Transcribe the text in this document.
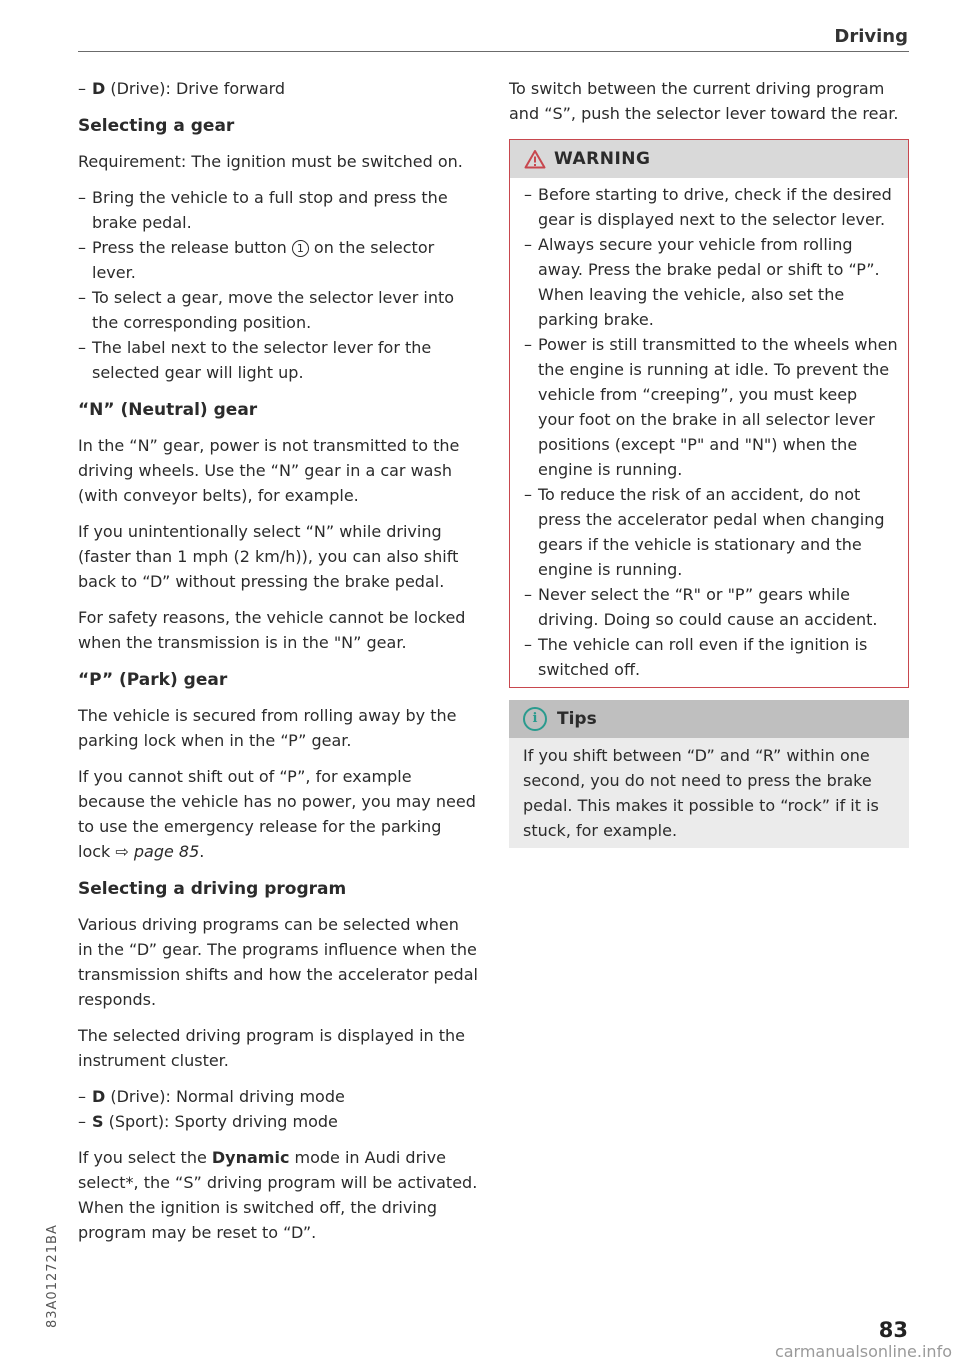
Driving
– D (Drive): Drive forward
Selecting a gear

Requirement: The ignition must be switched on.

– Bring the vehicle to a full stop and press the brake pedal.
– Press the release button 1 on the selector lever.
– To select a gear, move the selector lever into the corresponding position.
– The label next to the selector lever for the selected gear will light up.
“N” (Neutral) gear

In the “N” gear, power is not transmitted to the driving wheels. Use the “N” gear in a car wash (with conveyor belts), for example.

If you unintentionally select “N” while driving (faster than 1 mph (2 km/h)), you can also shift back to “D” without pressing the brake pedal.

For safety reasons, the vehicle cannot be locked when the transmission is in the "N” gear.

“P” (Park) gear

The vehicle is secured from rolling away by the parking lock when in the “P” gear.

If you cannot shift out of “P”, for example because the vehicle has no power, you may need to use the emergency release for the parking lock ⇨ page 85.

Selecting a driving program

Various driving programs can be selected when in the “D” gear. The programs influence when the transmission shifts and how the accelerator pedal responds.

The selected driving program is displayed in the instrument cluster.

– D (Drive): Normal driving mode
– S (Sport): Sporty driving mode

If you select the Dynamic mode in Audi drive select*, the “S” driving program will be activated. When the ignition is switched off, the driving program may be reset to “D”.

To switch between the current driving program and “S”, push the selector lever toward the rear.

WARNING
– Before starting to drive, check if the desired gear is displayed next to the selector lever.
– Always secure your vehicle from rolling away. Press the brake pedal or shift to “P”. When leaving the vehicle, also set the parking brake.
– Power is still transmitted to the wheels when the engine is running at idle. To prevent the vehicle from “creeping”, you must keep your foot on the brake in all selector lever positions (except "P" and "N") when the engine is running.
– To reduce the risk of an accident, do not press the accelerator pedal when changing gears if the vehicle is stationary and the engine is running.
– Never select the “R" or "P” gears while driving. Doing so could cause an accident.
– The vehicle can roll even if the ignition is switched off.
i	Tips

If you shift between “D” and “R” within one second, you do not need to press the brake pedal. This makes it possible to “rock” if it is stuck, for example.

83A012721BA
83
carmanualsonline.info
